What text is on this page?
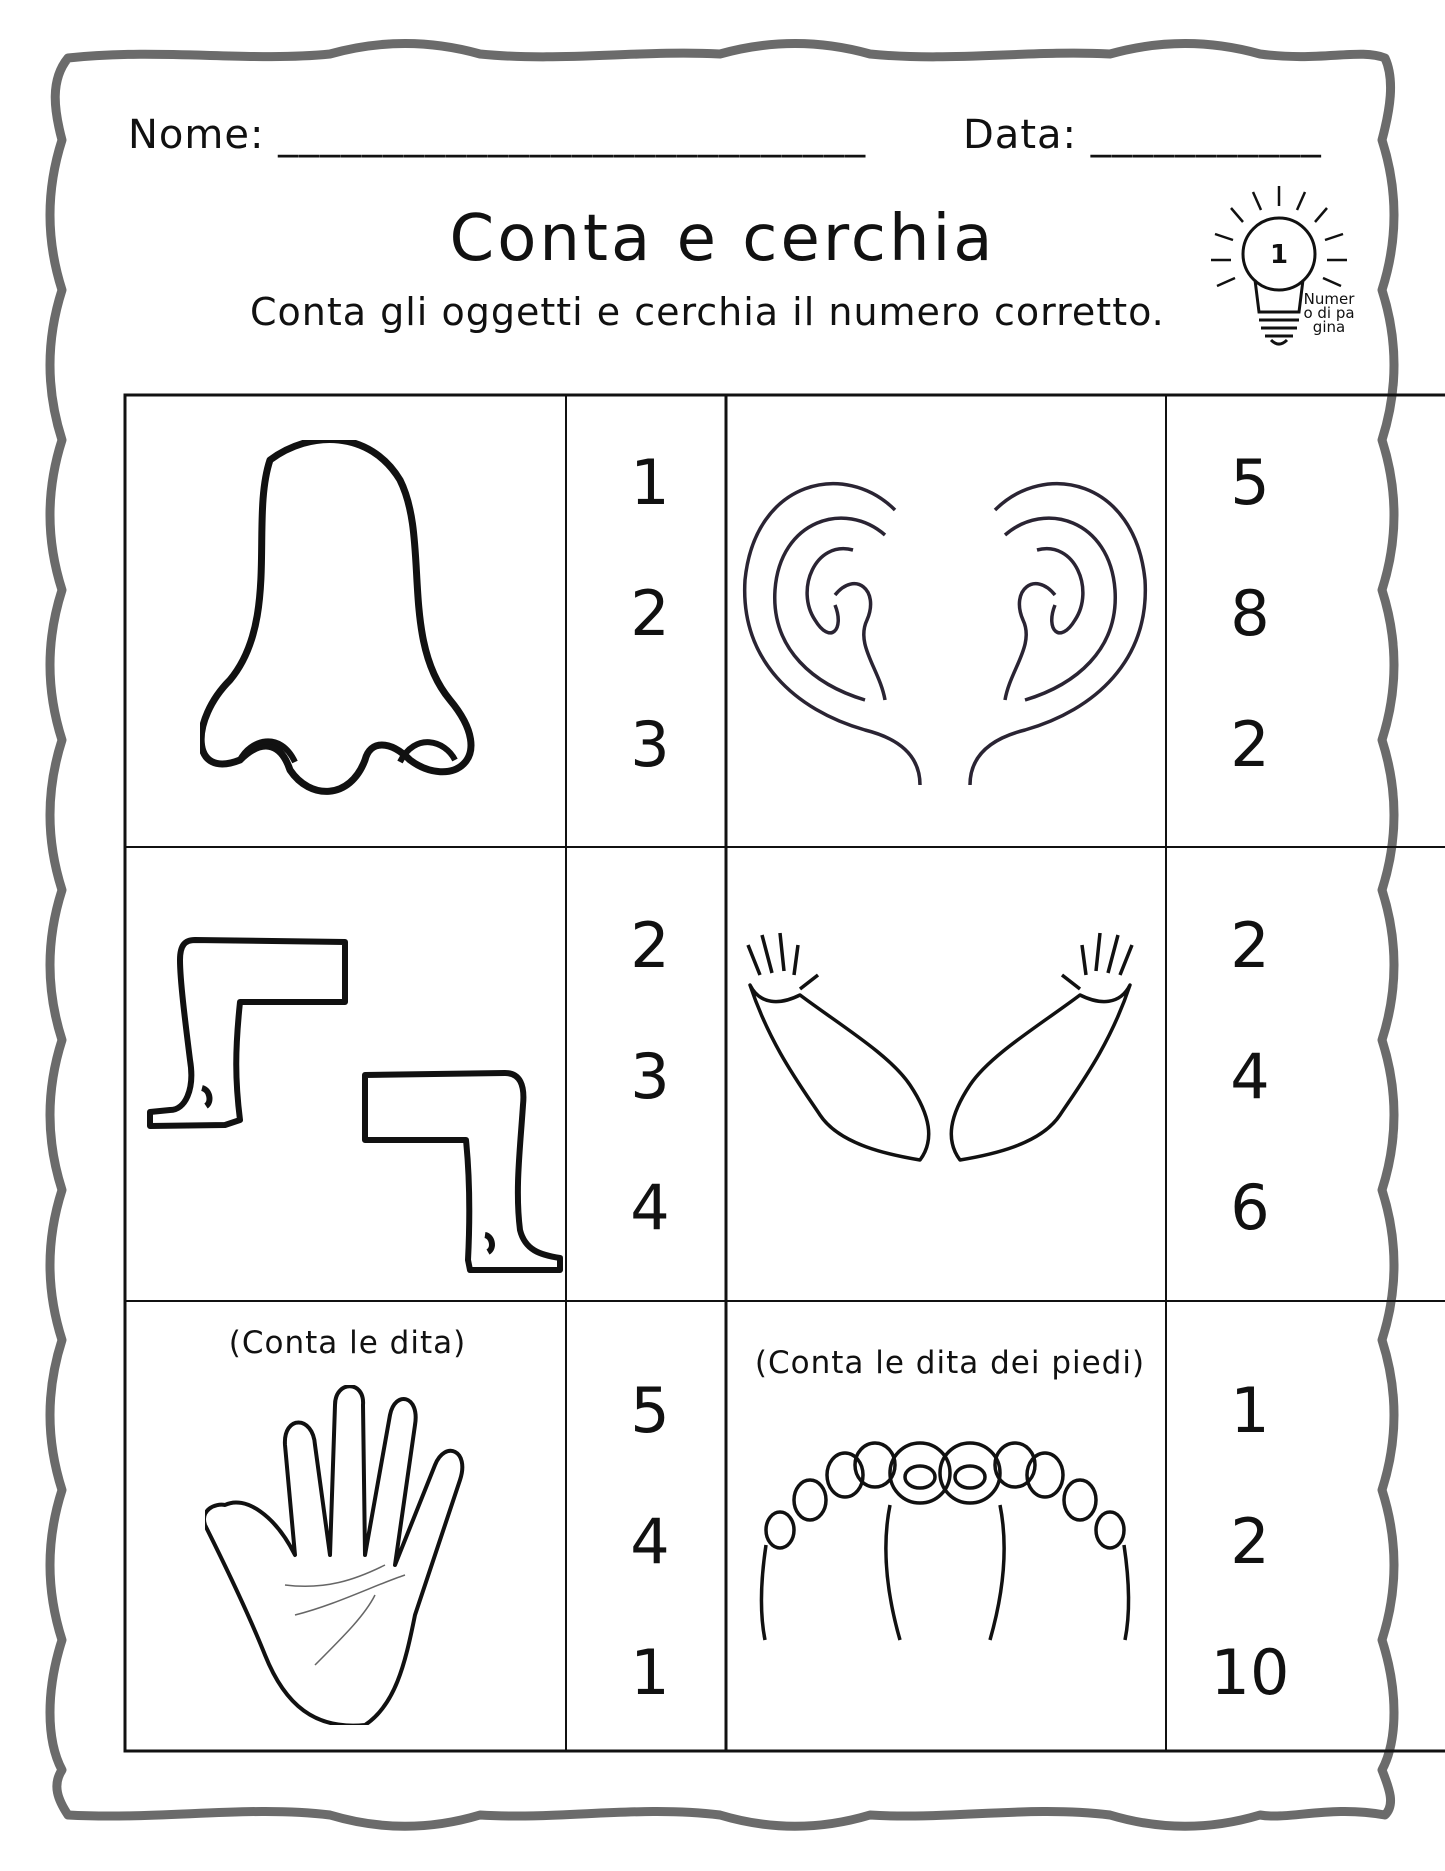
Nome: ____________________________ Data: ___________
Conta e cerchia
Conta gli oggetti e cerchia il numero corretto.
1
Numero di pagina
(Conta le dita)
(Conta le dita dei piedi)
1
2
3
5
8
2
2
3
4
2
4
6
5
4
1
1
2
10
